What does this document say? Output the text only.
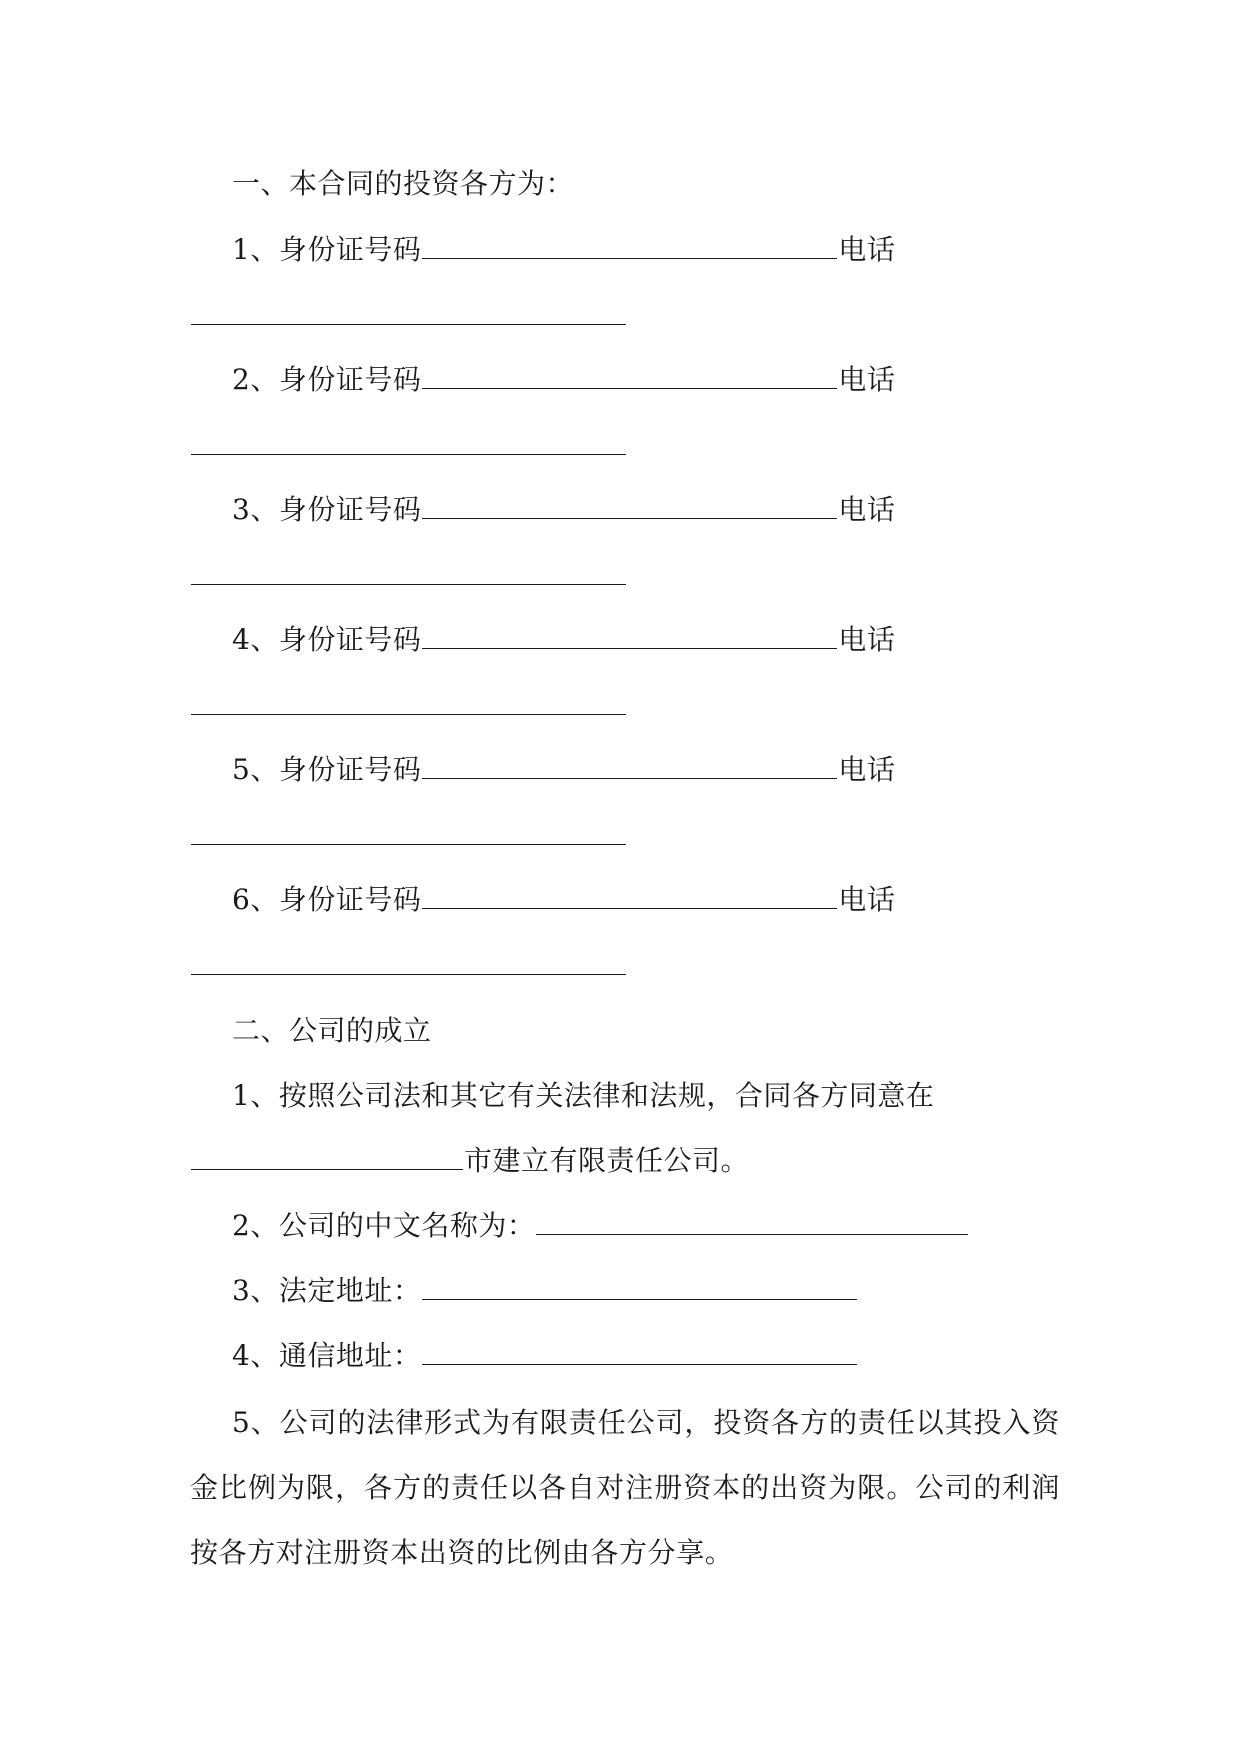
一、本合同的投资各方为：
1、身份证号码	电话
2、身份证号码	电话
3、身份证号码	电话
4、身份证号码	电话
5、身份证号码	电话
6、身份证号码	电话
二、公司的成立
1、按照公司法和其它有关法律和法规，合同各方同意在
市建立有限责任公司。
2、公司的中文名称为：
3、法定地址：
4、通信地址：

5、公司的法律形式为有限责任公司，投资各方的责任以其投入资金比例为限，各方的责任以各自对注册资本的出资为限。公司的利润按各方对注册资本出资的比例由各方分享。
